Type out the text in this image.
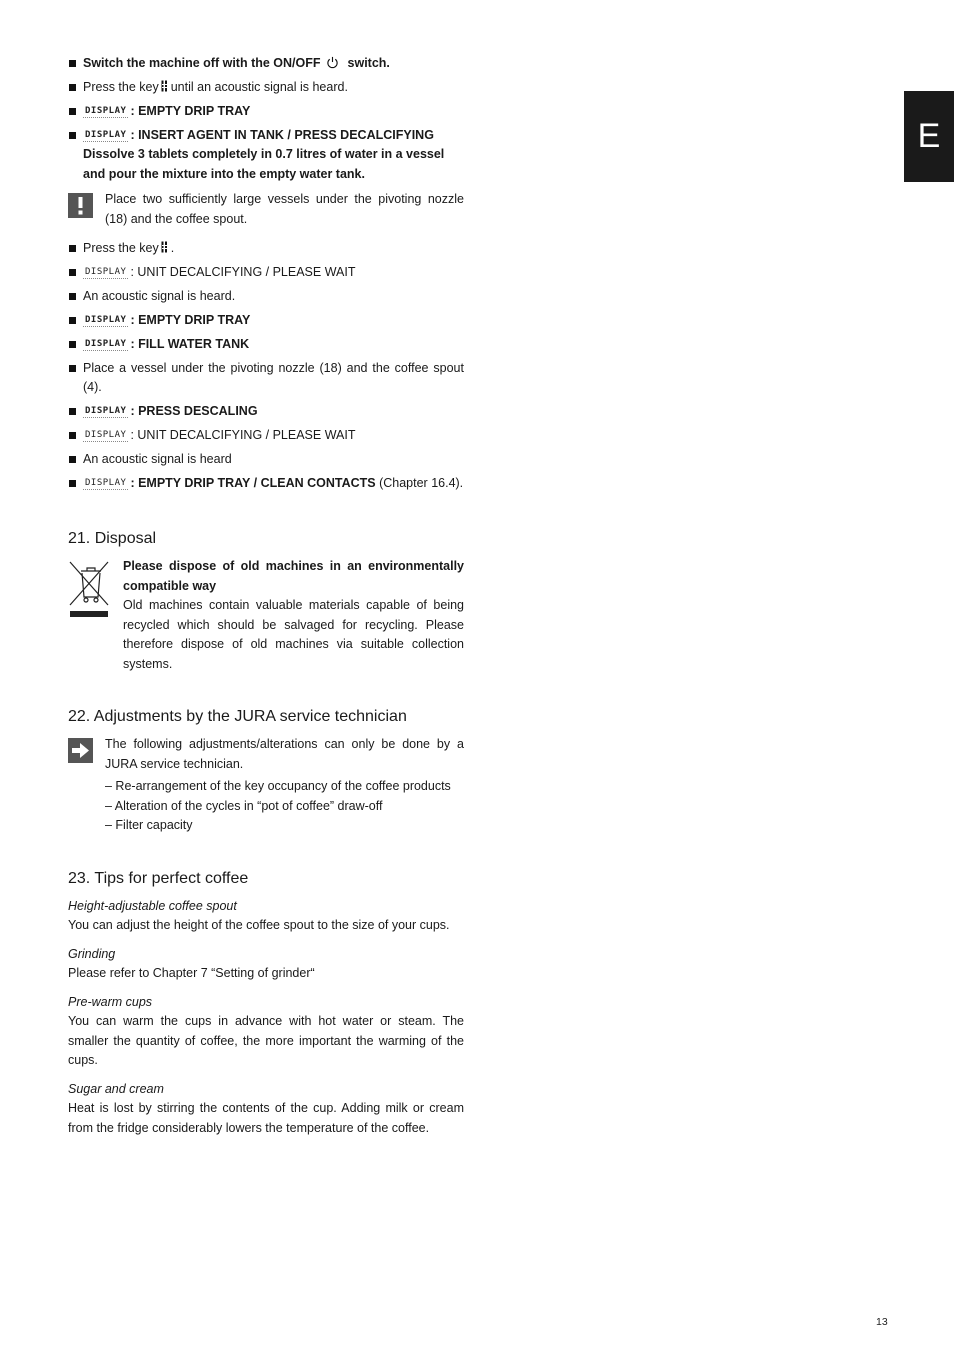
E
Switch the machine off with the ON/OFF switch.
Press the key until an acoustic signal is heard.
DISPLAY : EMPTY DRIP TRAY
DISPLAY : INSERT AGENT IN TANK / PRESS DECALCIFYING
Dissolve 3 tablets completely in 0.7 litres of water in a vessel and pour the mixture into the empty water tank.
Place two sufficiently large vessels under the pivoting nozzle (18) and the coffee spout.
Press the key .
DISPLAY : UNIT DECALCIFYING / PLEASE WAIT
An acoustic signal is heard.
DISPLAY : EMPTY DRIP TRAY
DISPLAY : FILL WATER TANK
Place a vessel under the pivoting nozzle (18) and the coffee spout (4).
DISPLAY : PRESS DESCALING
DISPLAY : UNIT DECALCIFYING / PLEASE WAIT
An acoustic signal is heard
DISPLAY : EMPTY DRIP TRAY / CLEAN CONTACTS (Chapter 16.4).
21. Disposal
Please dispose of old machines in an environmentally compatible way
Old machines contain valuable materials capable of being recycled which should be salvaged for recycling. Please therefore dispose of old machines via suitable collection systems.
22. Adjustments by the JURA service technician
The following adjustments/alterations can only be done by a JURA service technician.
– Re-arrangement of the key occupancy of the coffee products
– Alteration of the cycles in “pot of coffee” draw-off
– Filter capacity
23. Tips for perfect coffee
Height-adjustable coffee spout
You can adjust the height of the coffee spout to the size of your cups.
Grinding
Please refer to Chapter 7 “Setting of grinder“
Pre-warm cups
You can warm the cups in advance with hot water or steam. The smaller the quantity of coffee, the more important the warming of the cups.
Sugar and cream
Heat is lost by stirring the contents of the cup. Adding milk or cream from the fridge considerably lowers the temperature of the coffee.
13
